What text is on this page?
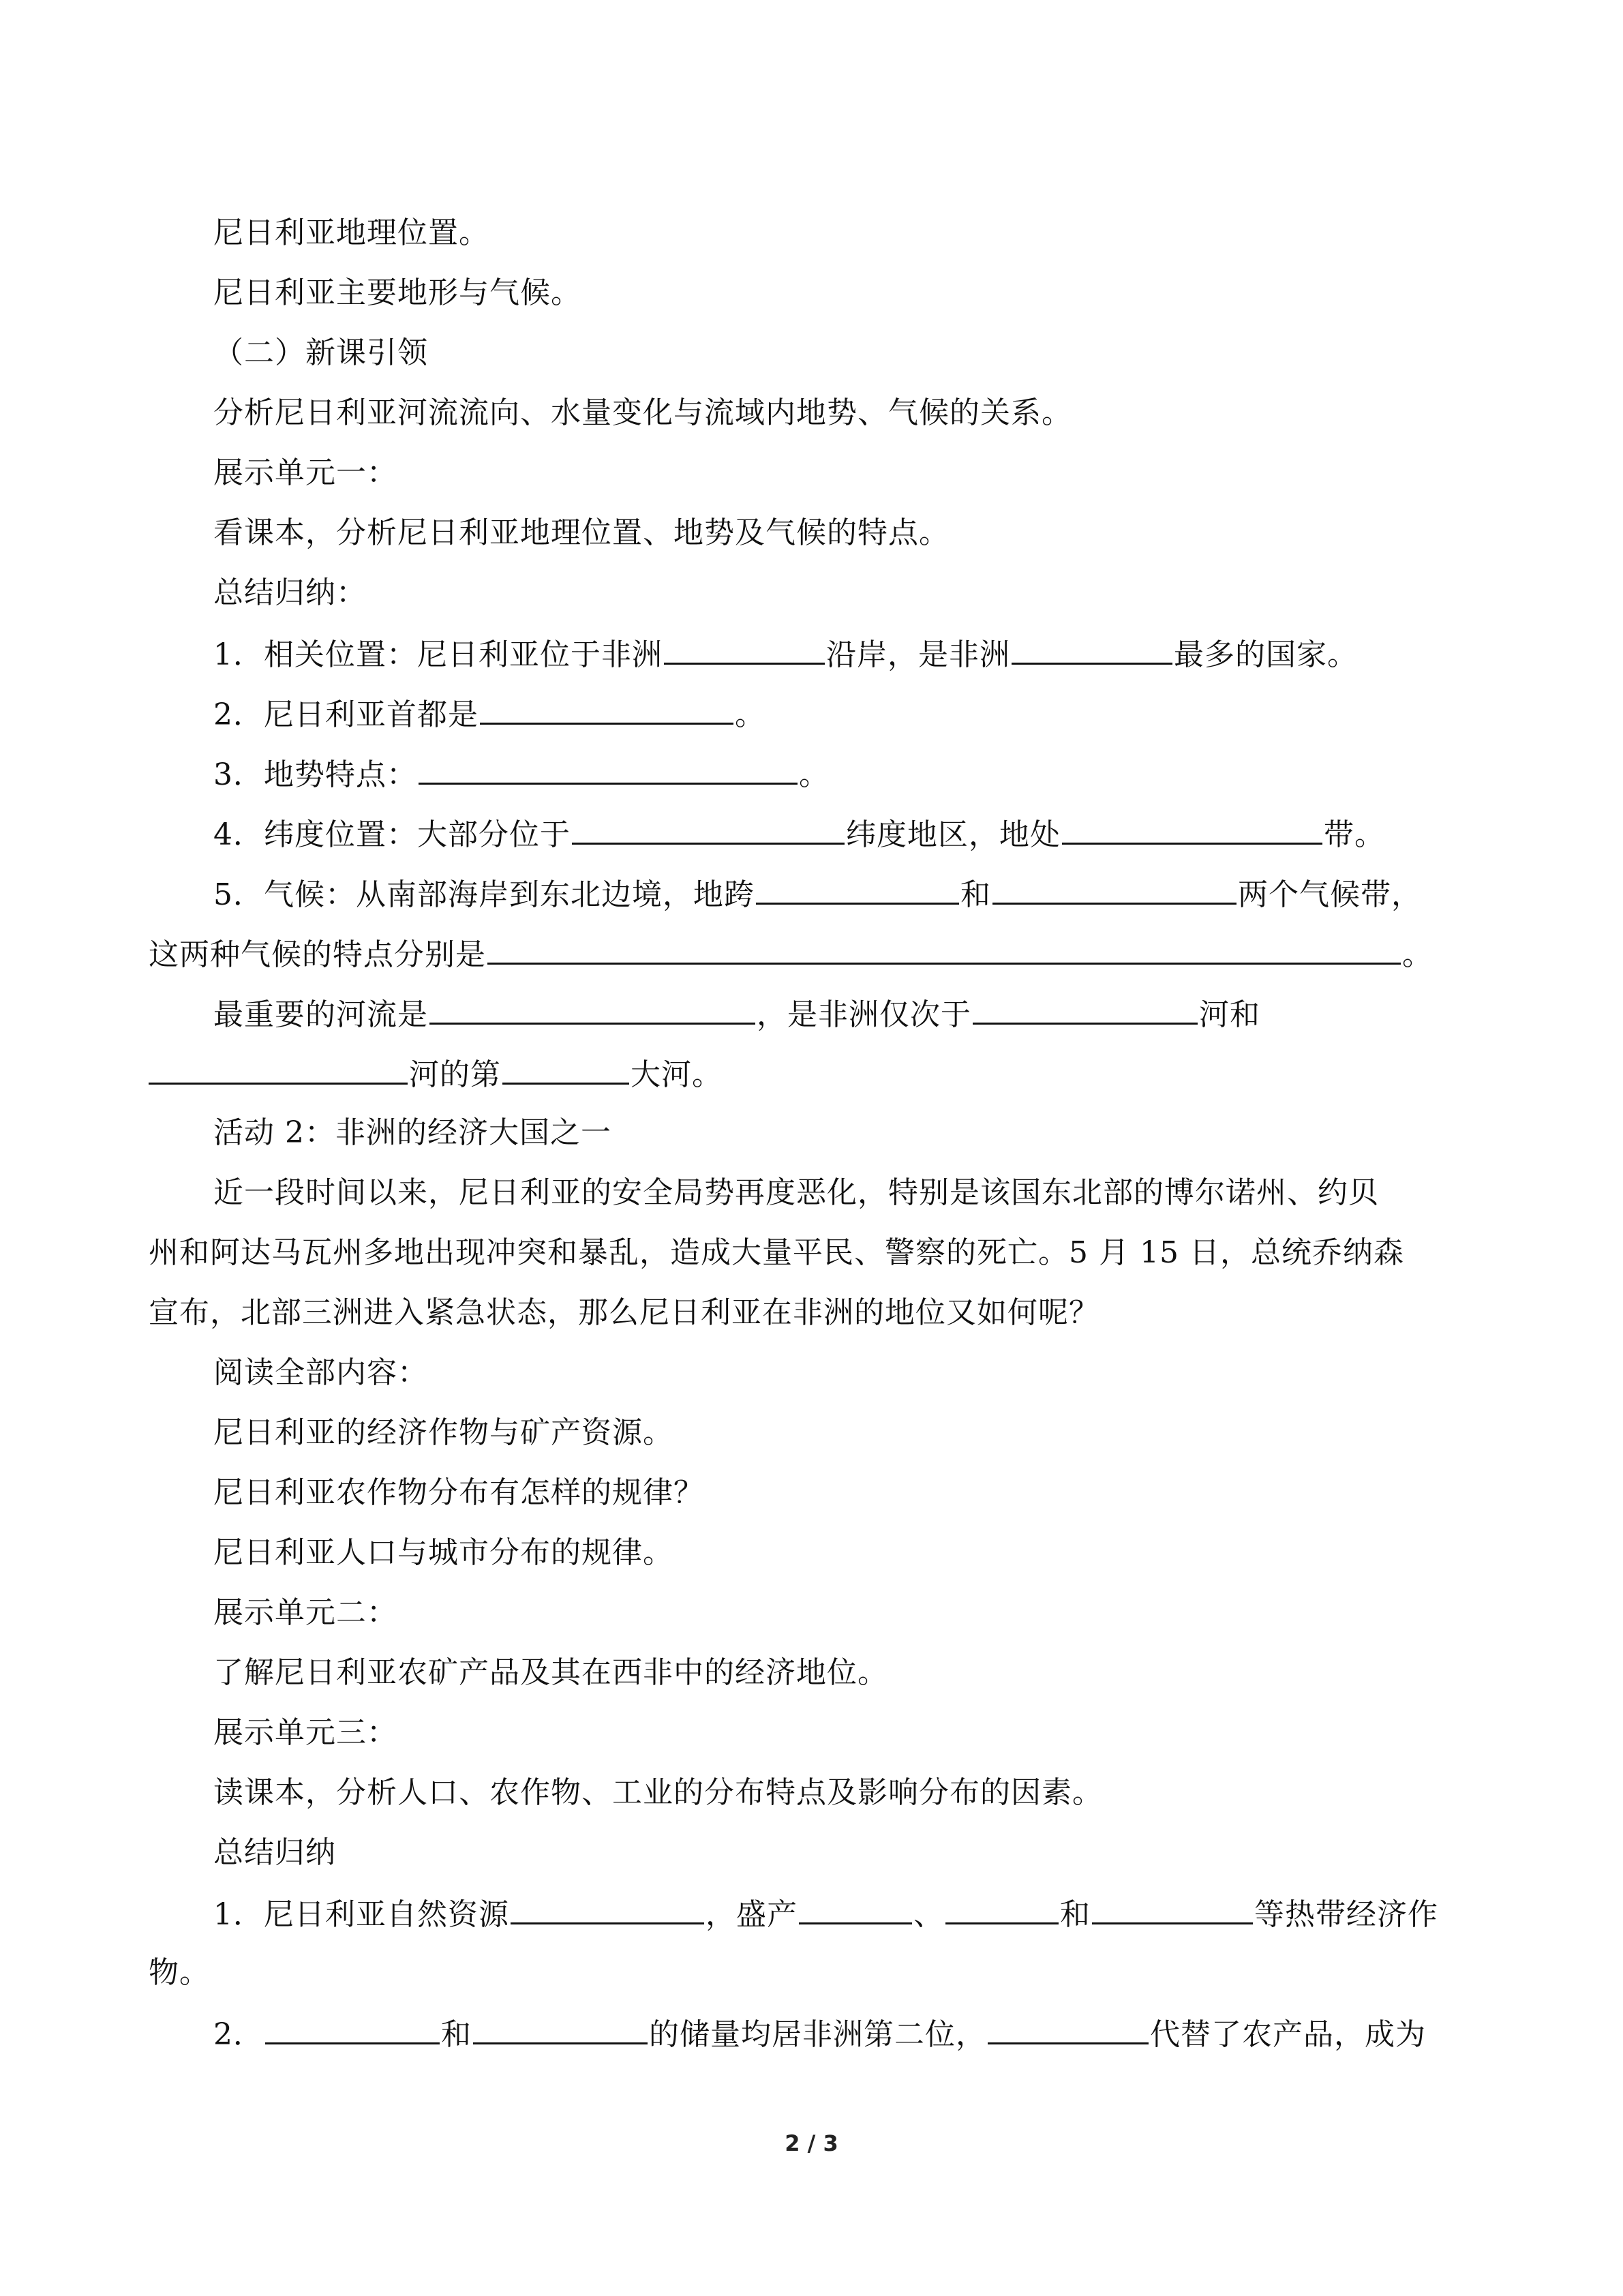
尼日利亚地理位置。
尼日利亚主要地形与气候。
（二）新课引领
分析尼日利亚河流流向、水量变化与流域内地势、气候的关系。
展示单元一：
看课本，分析尼日利亚地理位置、地势及气候的特点。
总结归纳：
1．相关位置：尼日利亚位于非洲	沿岸，是非洲	最多的国家。
2．尼日利亚首都是	。
3．地势特点：	。
4．纬度位置：大部分位于	纬度地区，地处	带。
5．气候：从南部海岸到东北边境，地跨	和	两个气候带，
这两种气候的特点分别是	。
最重要的河流是	，是非洲仅次于	河和
河的第	大河。
活动 2：非洲的经济大国之一
近一段时间以来，尼日利亚的安全局势再度恶化，特别是该国东北部的博尔诺州、约贝
州和阿达马瓦州多地出现冲突和暴乱，造成大量平民、警察的死亡。5 月 15 日，总统乔纳森
宣布，北部三洲进入紧急状态，那么尼日利亚在非洲的地位又如何呢？
阅读全部内容：
尼日利亚的经济作物与矿产资源。
尼日利亚农作物分布有怎样的规律？
尼日利亚人口与城市分布的规律。
展示单元二：
了解尼日利亚农矿产品及其在西非中的经济地位。
展示单元三：
读课本，分析人口、农作物、工业的分布特点及影响分布的因素。
总结归纳
1．尼日利亚自然资源	，盛产	、	和	等热带经济作
物。
2．	和	的储量均居非洲第二位，	代替了农产品，成为
2 / 3
